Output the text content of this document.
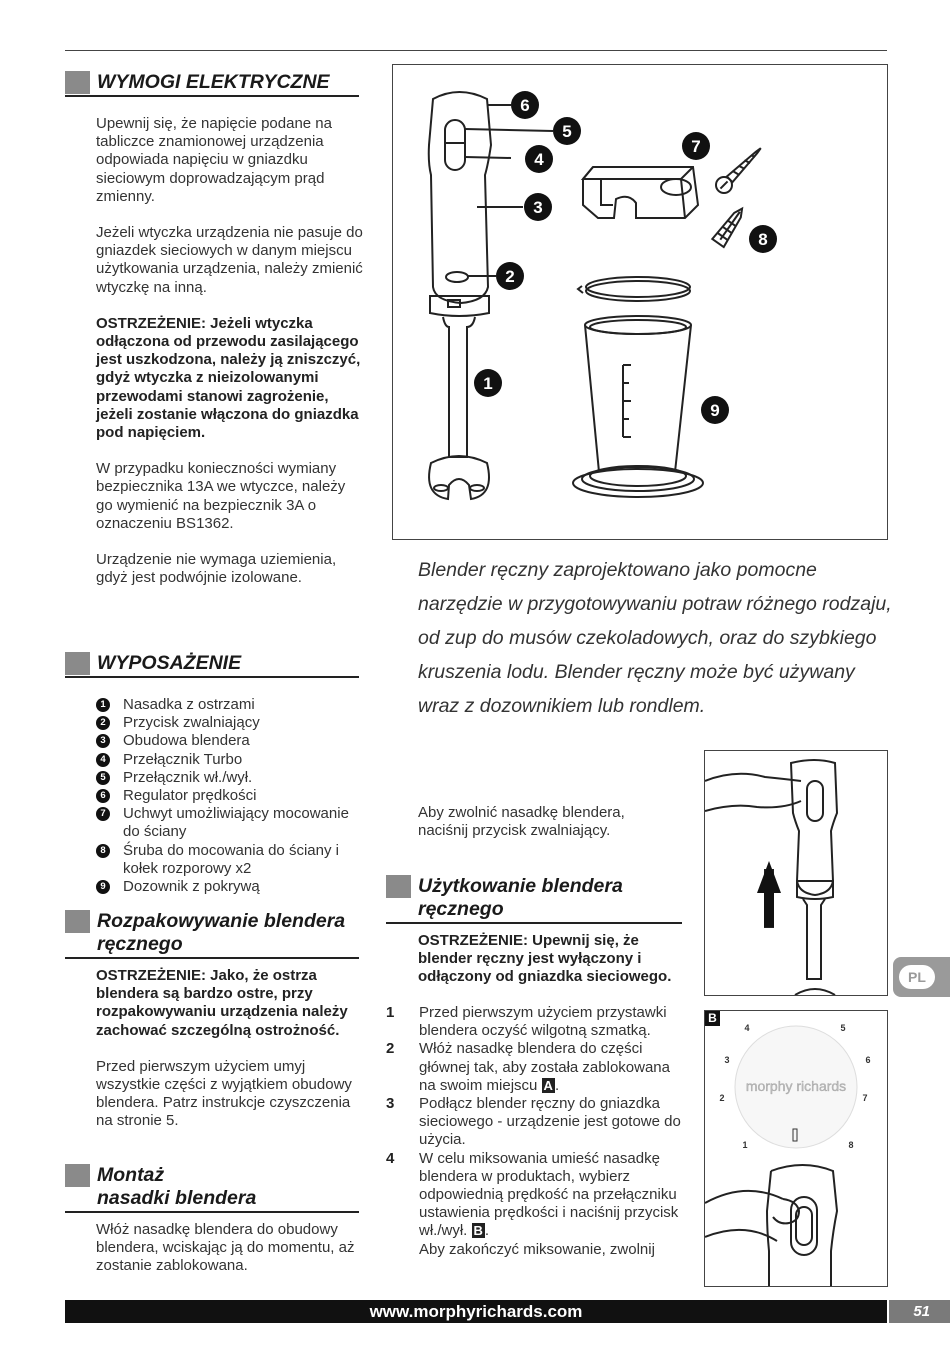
WYMOGI ELEKTRYCZNE

Upewnij się, że napięcie podane na tabliczce znamionowej urządzenia odpowiada napięciu w gniazdku sieciowym doprowadzającym prąd zmienny.

Jeżeli wtyczka urządzenia nie pasuje do gniazdek sieciowych w danym miejscu użytkowania urządzenia, należy zmienić wtyczkę na inną.

OSTRZEŻENIE: Jeżeli wtyczka odłączona od przewodu zasilającego jest uszkodzona, należy ją zniszczyć, gdyż wtyczka z nieizolowanymi przewodami stanowi zagrożenie, jeżeli zostanie włączona do gniazdka pod napięciem.

W przypadku konieczności wymiany bezpiecznika 13A we wtyczce, należy go wymienić na bezpiecznik 3A o oznaczeniu BS1362.

Urządzenie nie wymaga uziemienia, gdyż jest podwójnie izolowane.

WYPOSAŻENIE
1 Nasadka z ostrzami
2 Przycisk zwalniający
3 Obudowa blendera
4 Przełącznik Turbo
5 Przełącznik wł./wył.
6 Regulator prędkości
7 Uchwyt umożliwiający mocowanie do ściany
8 Śruba do mocowania do ściany i kołek rozporowy x2
9 Dozownik z pokrywą
Rozpakowywanie blendera
ręcznego

OSTRZEŻENIE: Jako, że ostrza blendera są bardzo ostre, przy rozpakowywaniu urządzenia należy zachować szczególną ostrożność.

Przed pierwszym użyciem umyj wszystkie części z wyjątkiem obudowy blendera. Patrz instrukcje czyszczenia na stronie 5.

Montaż
nasadki blendera

Włóż nasadkę blendera do obudowy blendera, wciskając ją do momentu, aż zostanie zablokowana.

6
5
4
3
2
1
7
8
9
Blender ręczny zaprojektowano jako pomocne narzędzie w przygotowywaniu potraw różnego rodzaju, od zup do musów czekoladowych, oraz do szybkiego kruszenia lodu. Blender ręczny może być używany wraz z dozownikiem lub rondlem.
Aby zwolnić nasadkę blendera, naciśnij przycisk zwalniający.
Użytkowanie blendera
ręcznego

OSTRZEŻENIE: Upewnij się, że blender ręczny jest wyłączony i odłączony od gniazdka sieciowego.

1 Przed pierwszym użyciem przystawki blendera oczyść wilgotną szmatką.
2 Włóż nasadkę blendera do części głównej tak, aby została zablokowana na swoim miejscu A .
3 Podłącz blender ręczny do gniazdka sieciowego - urządzenie jest gotowe do użycia.
4 W celu miksowania umieść nasadkę blendera w produktach, wybierz odpowiednią prędkość na przełączniku ustawienia prędkości i naciśnij przycisk wł./wył. B .
Aby zakończyć miksowanie, zwolnij
B
morphy richards
1
2
3
4	5
6
7
8
PL
www.morphyrichards.com	51
